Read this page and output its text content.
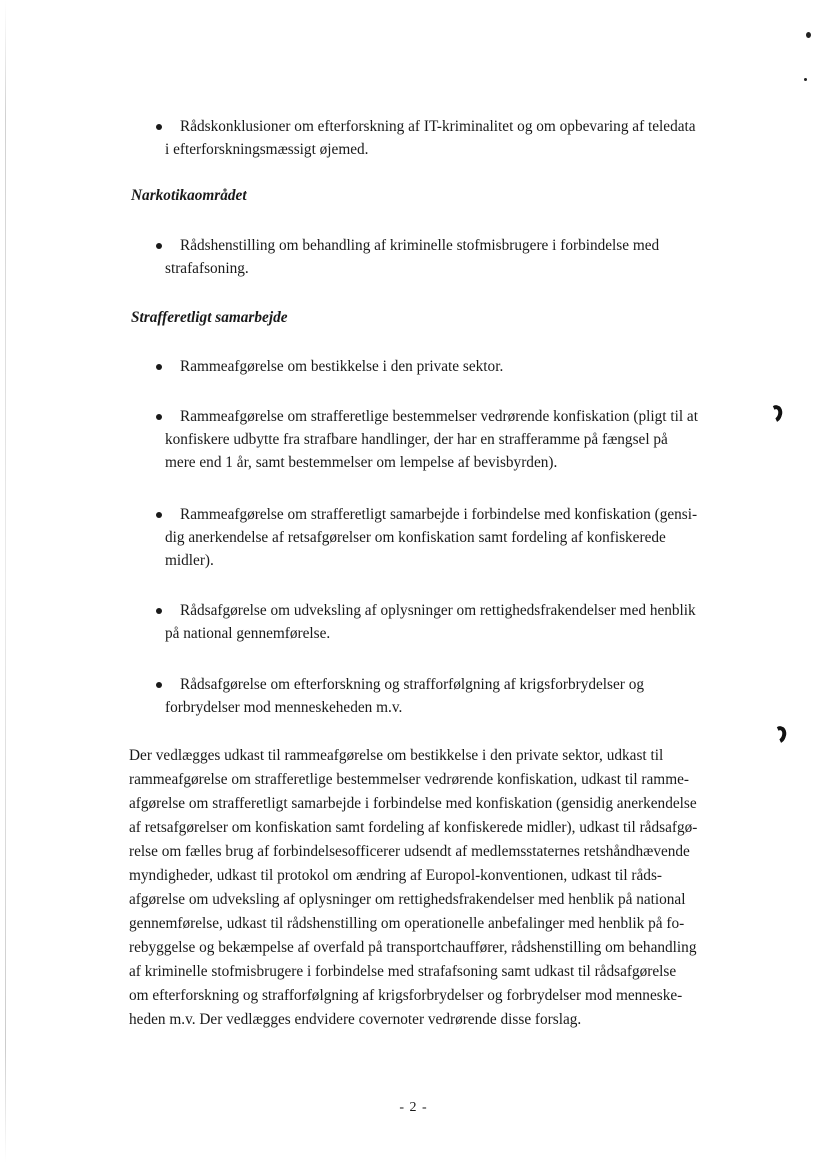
Rådskonklusioner om efterforskning af IT-kriminalitet og om opbevaring af teledata
i efterforskningsmæssigt øjemed.
Narkotikaområdet
Rådshenstilling om behandling af kriminelle stofmisbrugere i forbindelse med
strafafsoning.
Strafferetligt samarbejde
Rammeafgørelse om bestikkelse i den private sektor.
Rammeafgørelse om strafferetlige bestemmelser vedrørende konfiskation (pligt til at
konfiskere udbytte fra strafbare handlinger, der har en strafferamme på fængsel på
mere end 1 år, samt bestemmelser om lempelse af bevisbyrden).
Rammeafgørelse om strafferetligt samarbejde i forbindelse med konfiskation (gensi-
dig anerkendelse af retsafgørelser om konfiskation samt fordeling af konfiskerede
midler).
Rådsafgørelse om udveksling af oplysninger om rettighedsfrakendelser med henblik
på national gennemførelse.
Rådsafgørelse om efterforskning og strafforfølgning af krigsforbrydelser og
forbrydelser mod menneskeheden m.v.
Der vedlægges udkast til rammeafgørelse om bestikkelse i den private sektor, udkast til
rammeafgørelse om strafferetlige bestemmelser vedrørende konfiskation, udkast til ramme-
afgørelse om strafferetligt samarbejde i forbindelse med konfiskation (gensidig anerkendelse
af retsafgørelser om konfiskation samt fordeling af konfiskerede midler), udkast til rådsafgø-
relse om fælles brug af forbindelsesofficerer udsendt af medlemsstaternes retshåndhævende
myndigheder, udkast til protokol om ændring af Europol-konventionen, udkast til råds-
afgørelse om udveksling af oplysninger om rettighedsfrakendelser med henblik på national
gennemførelse, udkast til rådshenstilling om operationelle anbefalinger med henblik på fo-
rebyggelse og bekæmpelse af overfald på transportchauffører, rådshenstilling om behandling
af kriminelle stofmisbrugere i forbindelse med strafafsoning samt udkast til rådsafgørelse
om efterforskning og strafforfølgning af krigsforbrydelser og forbrydelser mod menneske-
heden m.v. Der vedlægges endvidere covernoter vedrørende disse forslag.
- 2 -
